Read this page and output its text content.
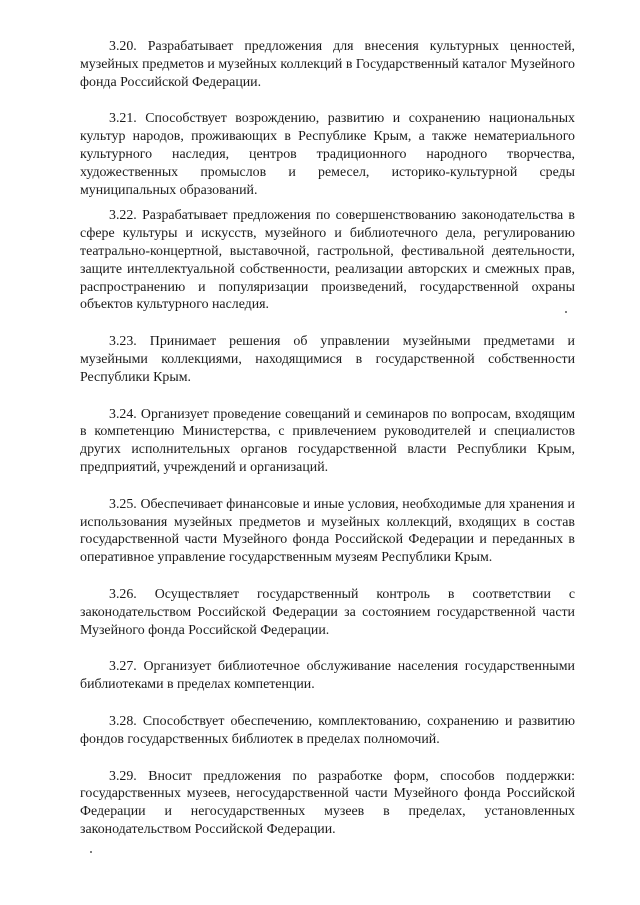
3.20. Разрабатывает предложения для внесения культурных ценностей, музейных предметов и музейных коллекций в Государственный каталог Музейного фонда Российской Федерации.

3.21. Способствует возрождению, развитию и сохранению национальных культур народов, проживающих в Республике Крым, а также нематериального культурного наследия, центров традиционного народного творчества, художественных промыслов и ремесел, историко-культурной среды муниципальных образований.

3.22. Разрабатывает предложения по совершенствованию законодательства в сфере культуры и искусств, музейного и библиотечного дела, регулированию театрально-концертной, выставочной, гастрольной, фестивальной деятельности, защите интеллектуальной собственности, реализации авторских и смежных прав, распространению и популяризации произведений, государственной охраны объектов культурного наследия.

3.23. Принимает решения об управлении музейными предметами и музейными коллекциями, находящимися в государственной собственности Республики Крым.

3.24. Организует проведение совещаний и семинаров по вопросам, входящим в компетенцию Министерства, с привлечением руководителей и специалистов других исполнительных органов государственной власти Республики Крым, предприятий, учреждений и организаций.

3.25. Обеспечивает финансовые и иные условия, необходимые для хранения и использования музейных предметов и музейных коллекций, входящих в состав государственной части Музейного фонда Российской Федерации и переданных в оперативное управление государственным музеям Республики Крым.

3.26. Осуществляет государственный контроль в соответствии с законодательством Российской Федерации за состоянием государственной части Музейного фонда Российской Федерации.

3.27. Организует библиотечное обслуживание населения государственными библиотеками в пределах компетенции.

3.28. Способствует обеспечению, комплектованию, сохранению и развитию фондов государственных библиотек в пределах полномочий.

3.29. Вносит предложения по разработке форм, способов поддержки: государственных музеев, негосударственной части Музейного фонда Российской Федерации и негосударственных музеев в пределах, установленных законодательством Российской Федерации.
